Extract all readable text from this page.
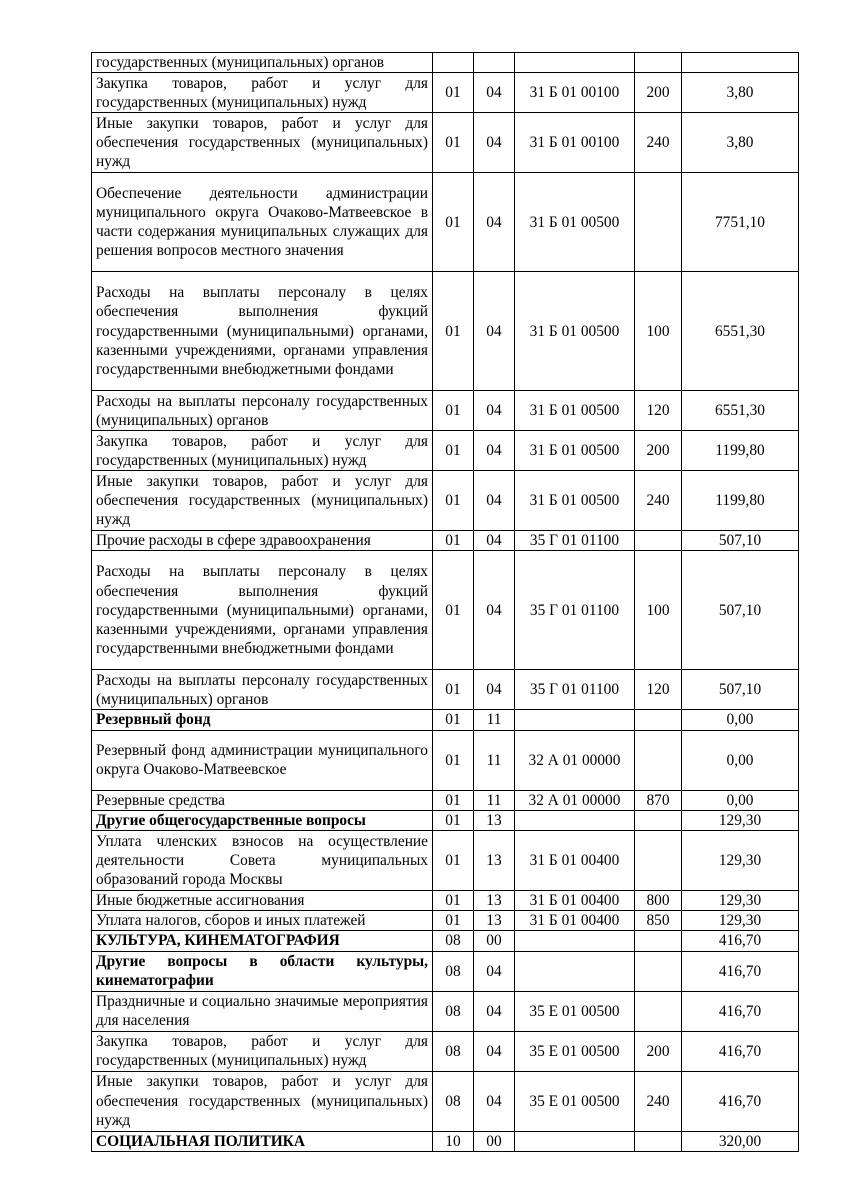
государственных (муниципальных) органов					
Закупка товаров, работ и услуг для государственных (муниципальных) нужд	01	04	31 Б 01 00100	200	3,80
Иные закупки товаров, работ и услуг для обеспечения государственных (муниципальных) нужд	01	04	31 Б 01 00100	240	3,80
Обеспечение деятельности администрации муниципального округа Очаково-Матвеевское в части содержания муниципальных служащих для решения вопросов местного значения	01	04	31 Б 01 00500		7751,10
Расходы на выплаты персоналу в целях обеспечения выполнения фукций государственными (муниципальными) органами, казенными учреждениями, органами управления государственными внебюджетными фондами	01	04	31 Б 01 00500	100	6551,30
Расходы на выплаты персоналу государственных (муниципальных) органов	01	04	31 Б 01 00500	120	6551,30
Закупка товаров, работ и услуг для государственных (муниципальных) нужд	01	04	31 Б 01 00500	200	1199,80
Иные закупки товаров, работ и услуг для обеспечения государственных (муниципальных) нужд	01	04	31 Б 01 00500	240	1199,80
Прочие расходы в сфере здравоохранения	01	04	35 Г 01 01100		507,10
Расходы на выплаты персоналу в целях обеспечения выполнения фукций государственными (муниципальными) органами, казенными учреждениями, органами управления государственными внебюджетными фондами	01	04	35 Г 01 01100	100	507,10
Расходы на выплаты персоналу государственных (муниципальных) органов	01	04	35 Г 01 01100	120	507,10
Резервный фонд	01	11			0,00
Резервный фонд администрации муниципального округа Очаково-Матвеевское	01	11	32 А 01 00000		0,00
Резервные средства	01	11	32 А 01 00000	870	0,00
Другие общегосударственные вопросы	01	13			129,30
Уплата членских взносов на осуществление деятельности Совета муниципальных образований города Москвы	01	13	31 Б 01 00400		129,30
Иные бюджетные ассигнования	01	13	31 Б 01 00400	800	129,30
Уплата налогов, сборов и иных платежей	01	13	31 Б 01 00400	850	129,30
КУЛЬТУРА, КИНЕМАТОГРАФИЯ	08	00			416,70
Другие вопросы в области культуры, кинематографии	08	04			416,70
Праздничные и социально значимые мероприятия для населения	08	04	35 Е 01 00500		416,70
Закупка товаров, работ и услуг для государственных (муниципальных) нужд	08	04	35 Е 01 00500	200	416,70
Иные закупки товаров, работ и услуг для обеспечения государственных (муниципальных) нужд	08	04	35 Е 01 00500	240	416,70
СОЦИАЛЬНАЯ ПОЛИТИКА	10	00			320,00
